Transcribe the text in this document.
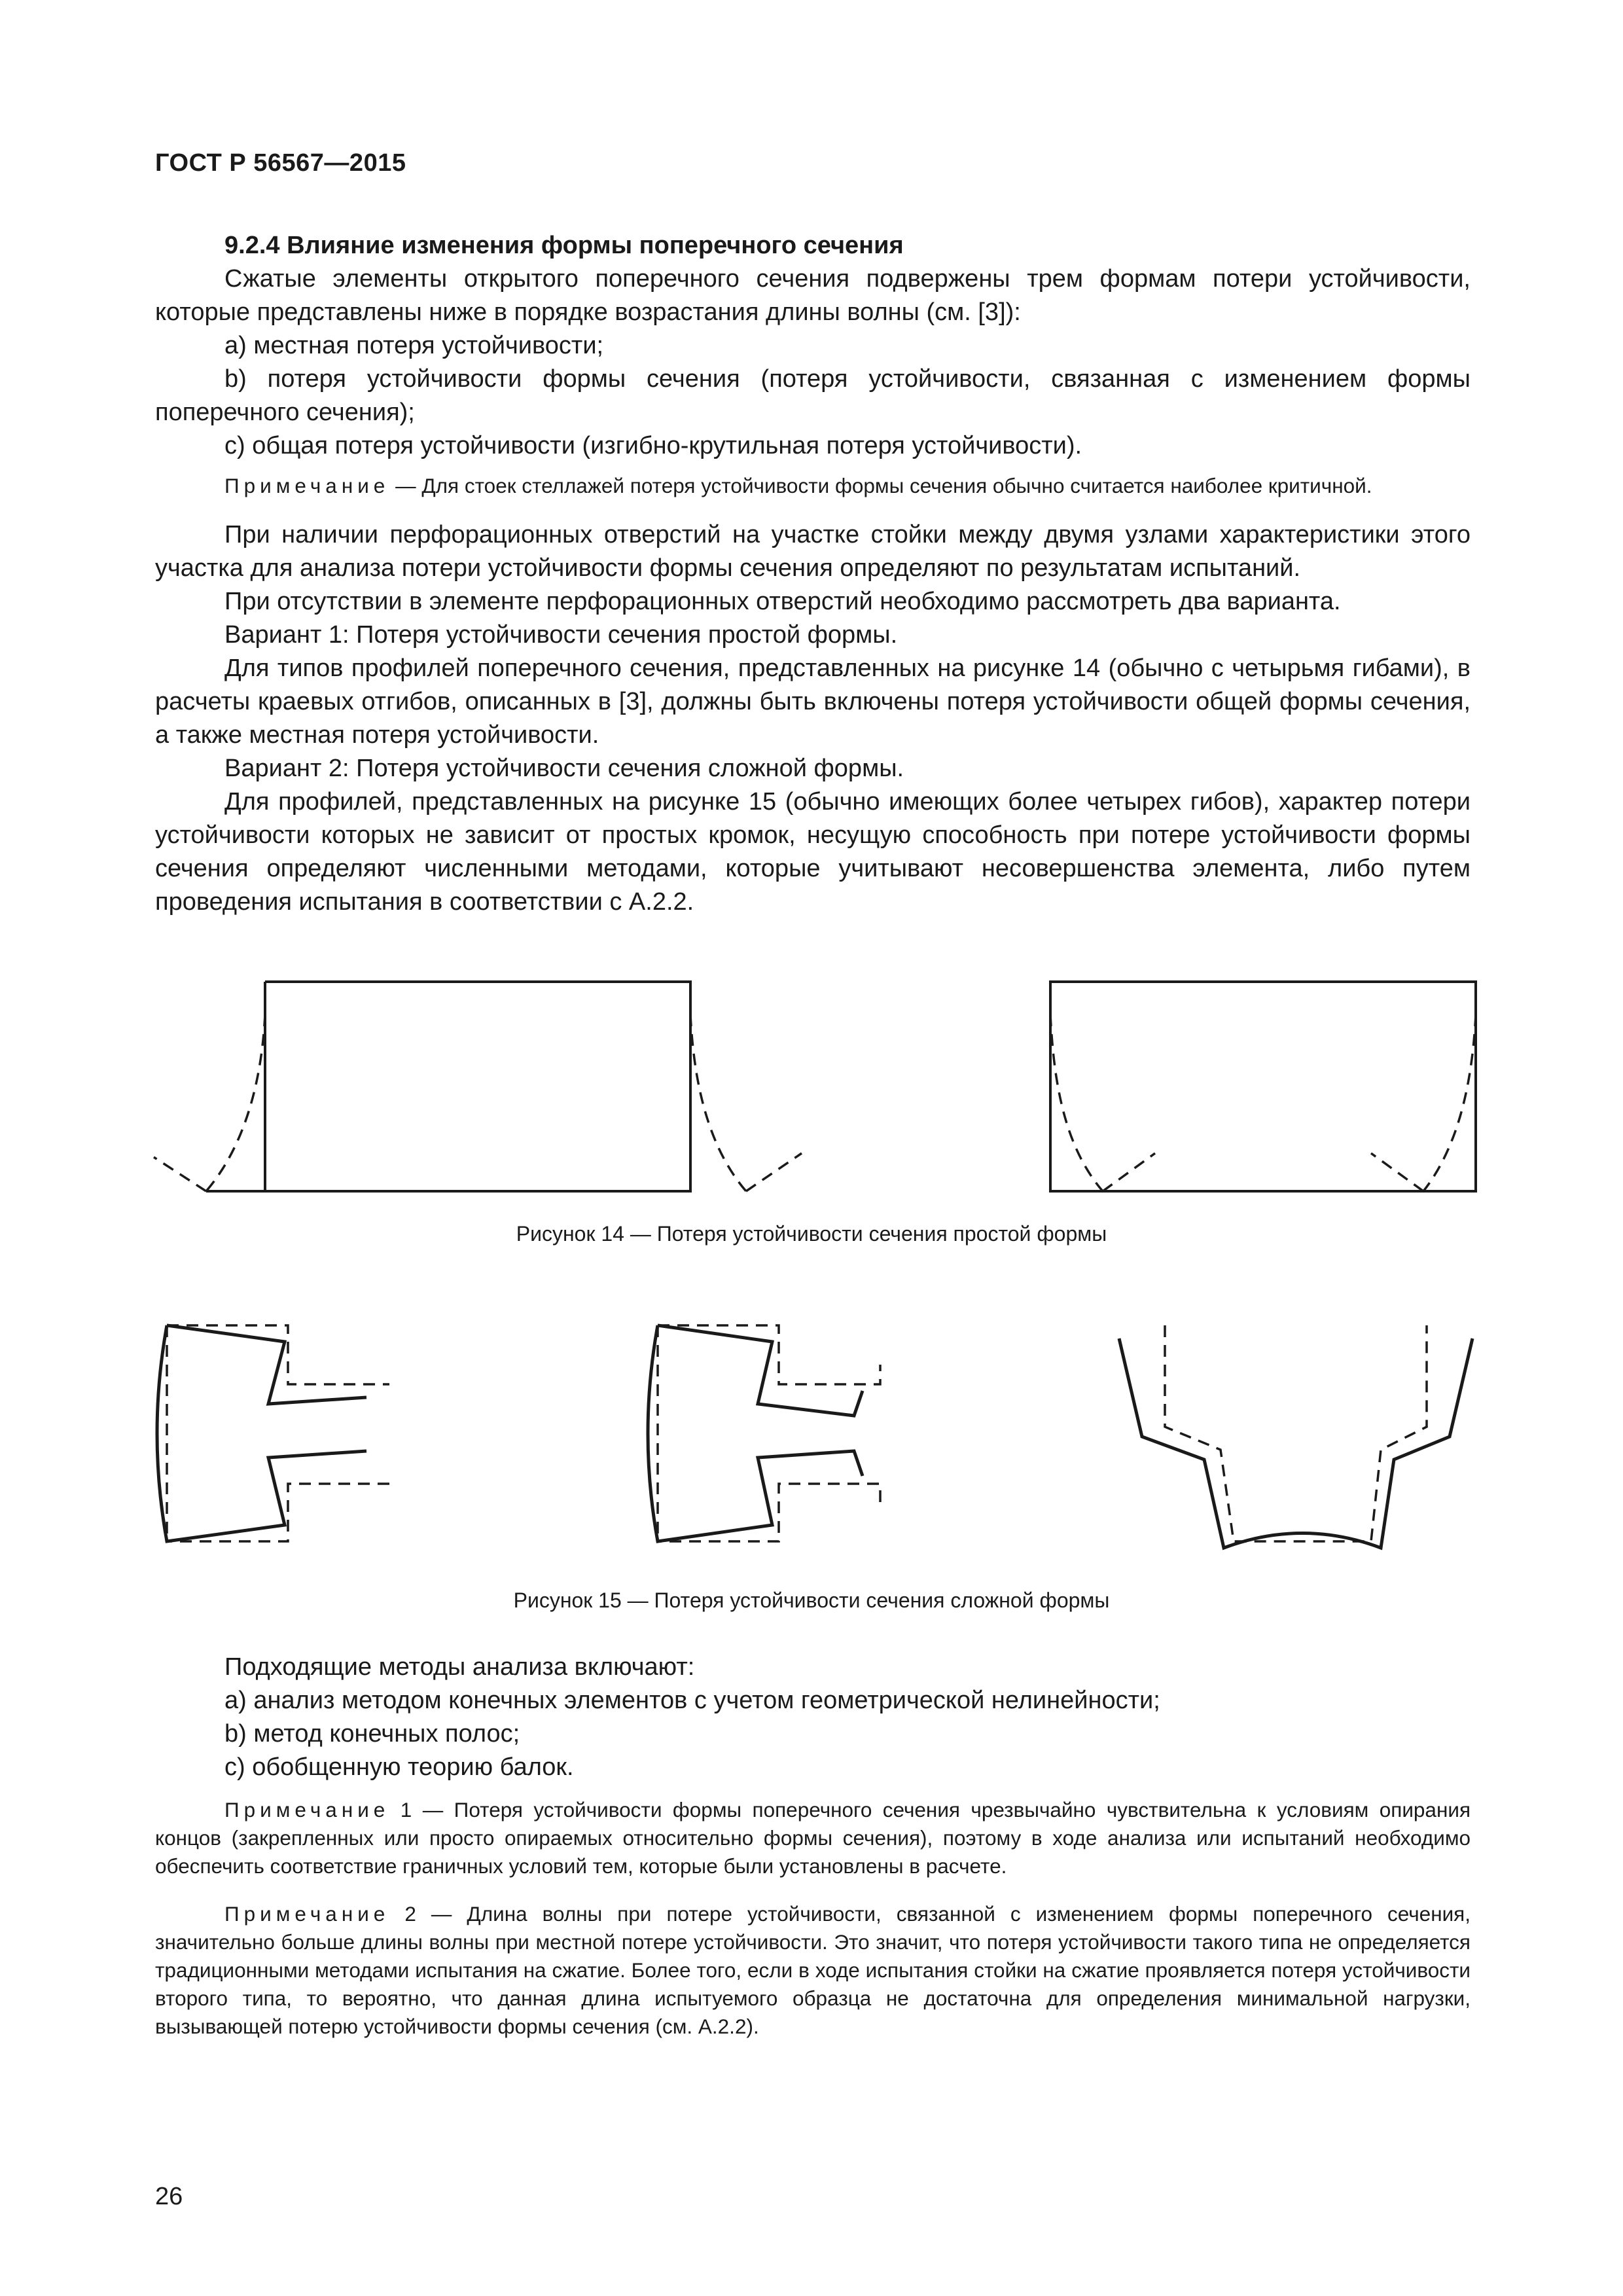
ГОСТ Р 56567—2015

9.2.4 Влияние изменения формы поперечного сечения

Сжатые элементы открытого поперечного сечения подвержены трем формам потери устойчивости, которые представлены ниже в порядке возрастания длины волны (см. [3]):

a) местная потеря устойчивости;

b) потеря устойчивости формы сечения (потеря устойчивости, связанная с изменением формы поперечного сечения);

c) общая потеря устойчивости (изгибно-крутильная потеря устойчивости).

Примечание — Для стоек стеллажей потеря устойчивости формы сечения обычно считается наиболее критичной.

При наличии перфорационных отверстий на участке стойки между двумя узлами характеристики этого участка для анализа потери устойчивости формы сечения определяют по результатам испытаний.

При отсутствии в элементе перфорационных отверстий необходимо рассмотреть два варианта.

Вариант 1: Потеря устойчивости сечения простой формы.

Для типов профилей поперечного сечения, представленных на рисунке 14 (обычно с четырьмя гибами), в расчеты краевых отгибов, описанных в [3], должны быть включены потеря устойчивости общей формы сечения, а также местная потеря устойчивости.

Вариант 2: Потеря устойчивости сечения сложной формы.

Для профилей, представленных на рисунке 15 (обычно имеющих более четырех гибов), характер потери устойчивости которых не зависит от простых кромок, несущую способность при потере устойчивости формы сечения определяют численными методами, которые учитывают несовершенства элемента, либо путем проведения испытания в соответствии с А.2.2.

Рисунок 14 — Потеря устойчивости сечения простой формы
Рисунок 15 — Потеря устойчивости сечения сложной формы

Подходящие методы анализа включают:

a) анализ методом конечных элементов с учетом геометрической нелинейности;

b) метод конечных полос;

c) обобщенную теорию балок.

Примечание 1 — Потеря устойчивости формы поперечного сечения чрезвычайно чувствительна к условиям опирания концов (закрепленных или просто опираемых относительно формы сечения), поэтому в ходе анализа или испытаний необходимо обеспечить соответствие граничных условий тем, которые были установлены в расчете.

Примечание 2 — Длина волны при потере устойчивости, связанной с изменением формы поперечного сечения, значительно больше длины волны при местной потере устойчивости. Это значит, что потеря устойчивости такого типа не определяется традиционными методами испытания на сжатие. Более того, если в ходе испытания стойки на сжатие проявляется потеря устойчивости второго типа, то вероятно, что данная длина испытуемого образца не достаточна для определения минимальной нагрузки, вызывающей потерю устойчивости формы сечения (см. А.2.2).

26
